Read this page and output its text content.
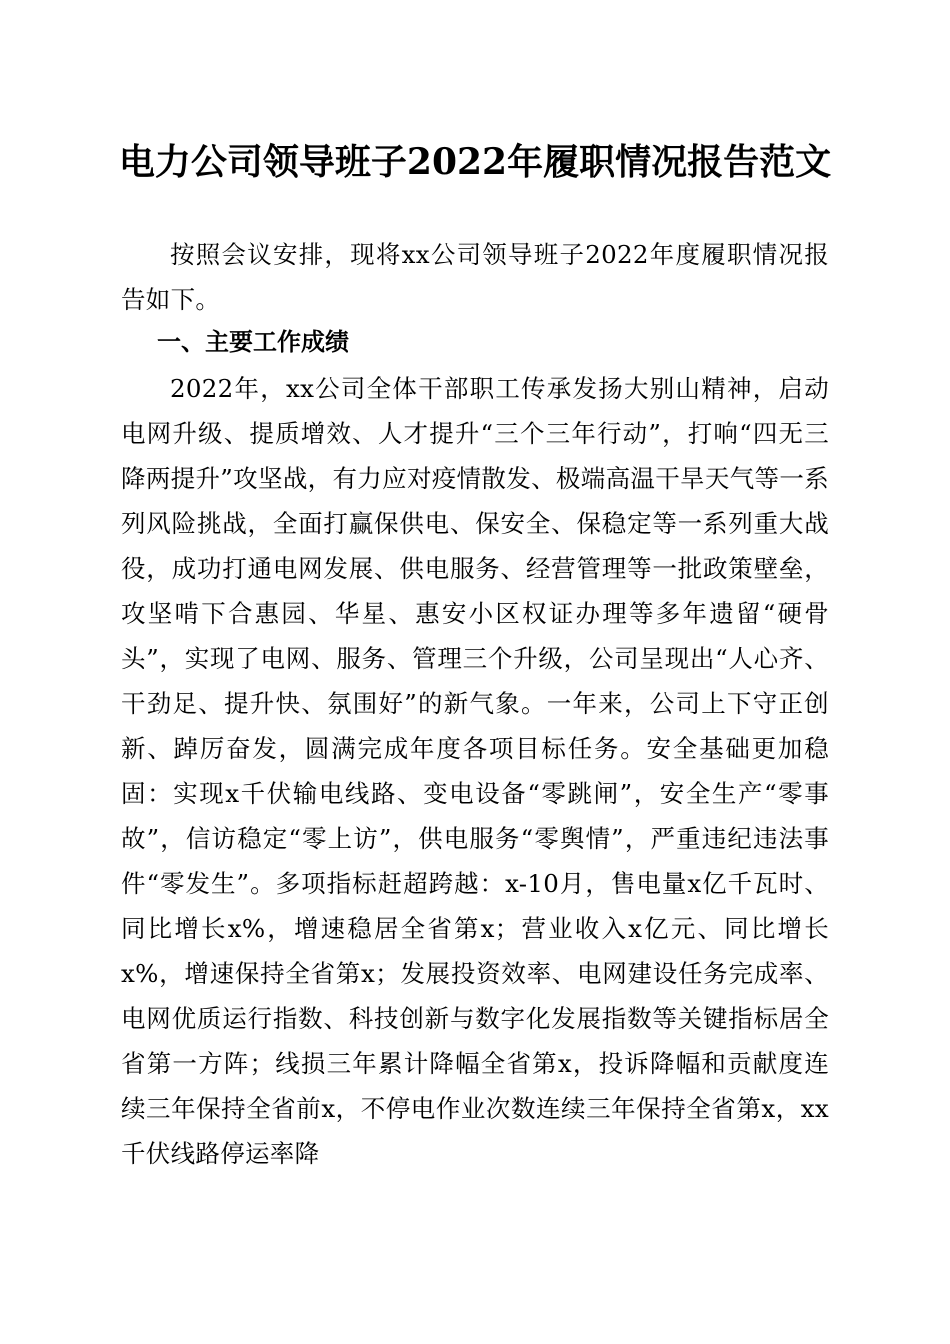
电力公司领导班子2022年履职情况报告范文

按照会议安排，现将xx公司领导班子2022年度履职情况报告如下。

一、主要工作成绩

2022年，xx公司全体干部职工传承发扬大别山精神，启动电网升级、提质增效、人才提升“三个三年行动”，打响“四无三降两提升”攻坚战，有力应对疫情散发、极端高温干旱天气等一系列风险挑战，全面打赢保供电、保安全、保稳定等一系列重大战役，成功打通电网发展、供电服务、经营管理等一批政策壁垒，攻坚啃下合惠园、华星、惠安小区权证办理等多年遗留“硬骨头”，实现了电网、服务、管理三个升级，公司呈现出“人心齐、干劲足、提升快、氛围好”的新气象。一年来，公司上下守正创新、踔厉奋发，圆满完成年度各项目标任务。安全基础更加稳固：实现x千伏输电线路、变电设备“零跳闸”，安全生产“零事故”，信访稳定“零上访”，供电服务“零舆情”，严重违纪违法事件“零发生”。多项指标赶超跨越：x-10月，售电量x亿千瓦时、同比增长x%，增速稳居全省第x；营业收入x亿元、同比增长x%，增速保持全省第x；发展投资效率、电网建设任务完成率、电网优质运行指数、科技创新与数字化发展指数等关键指标居全省第一方阵；线损三年累计降幅全省第x，投诉降幅和贡献度连续三年保持全省前x，不停电作业次数连续三年保持全省第x，xx千伏线路停运率降
